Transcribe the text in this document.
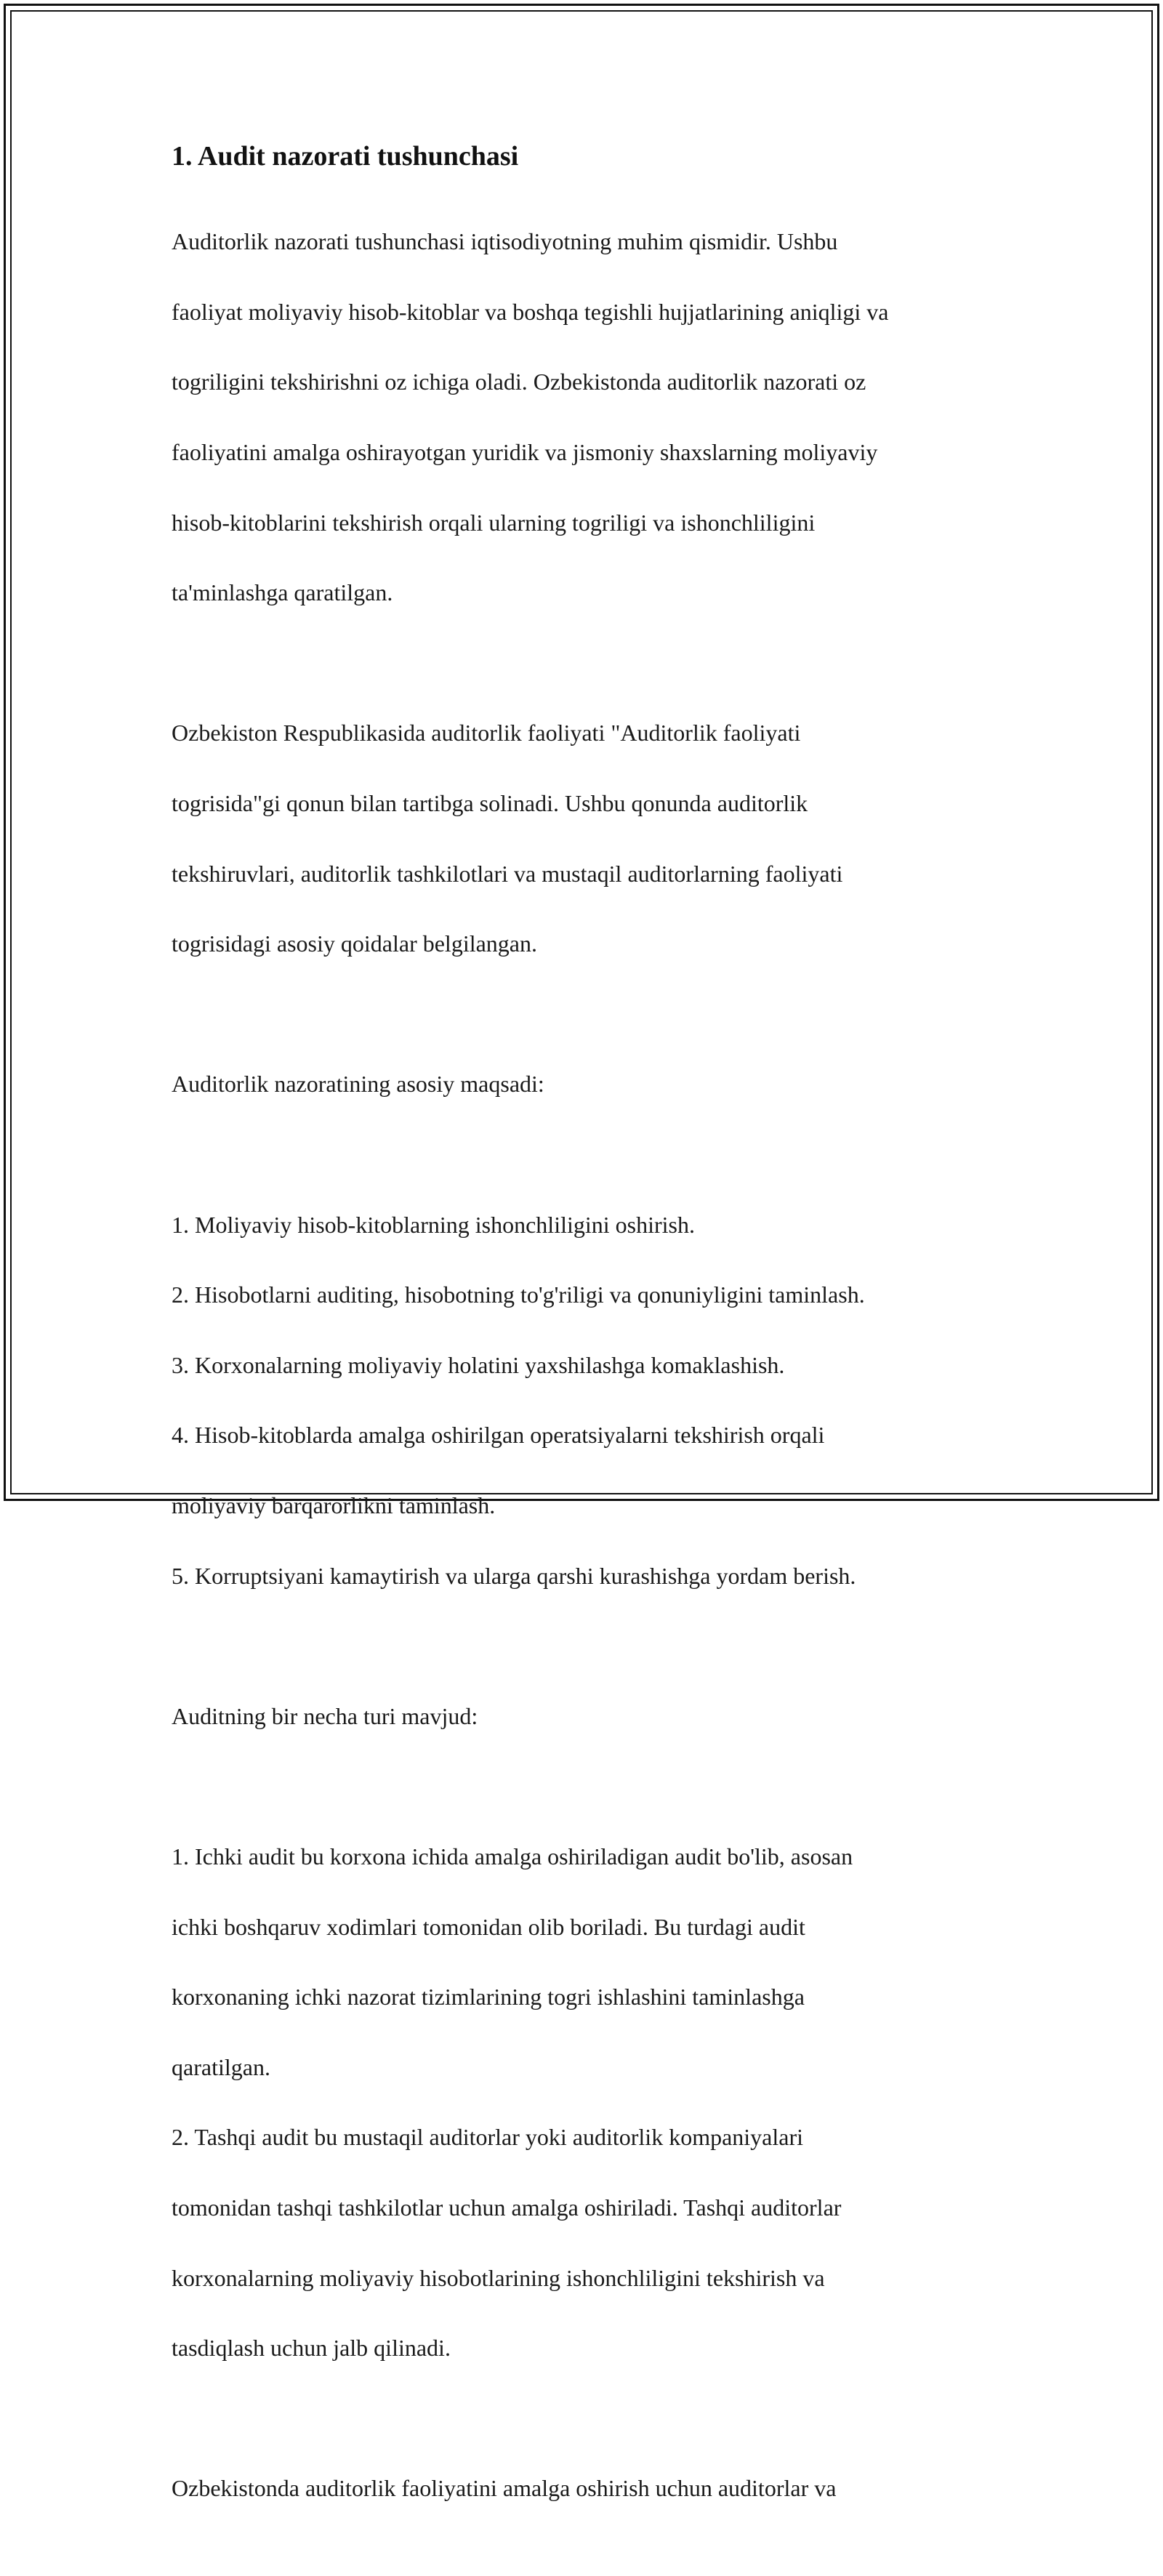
1. Audit nazorati tushunchasi

Auditorlik nazorati tushunchasi iqtisodiyotning muhim qismidir. Ushbu

faoliyat moliyaviy hisob-kitoblar va boshqa tegishli hujjatlarining aniqligi va

togriligini tekshirishni oz ichiga oladi. Ozbekistonda auditorlik nazorati oz

faoliyatini amalga oshirayotgan yuridik va jismoniy shaxslarning moliyaviy

hisob-kitoblarini tekshirish orqali ularning togriligi va ishonchliligini

ta'minlashga qaratilgan.

Ozbekiston Respublikasida auditorlik faoliyati "Auditorlik faoliyati

togrisida"gi qonun bilan tartibga solinadi. Ushbu qonunda auditorlik

tekshiruvlari, auditorlik tashkilotlari va mustaqil auditorlarning faoliyati

togrisidagi asosiy qoidalar belgilangan.

Auditorlik nazoratining asosiy maqsadi:

1. Moliyaviy hisob-kitoblarning ishonchliligini oshirish.

2. Hisobotlarni auditing, hisobotning to'g'riligi va qonuniyligini taminlash.

3. Korxonalarning moliyaviy holatini yaxshilashga komaklashish.

4. Hisob-kitoblarda amalga oshirilgan operatsiyalarni tekshirish orqali

moliyaviy barqarorlikni taminlash.

5. Korruptsiyani kamaytirish va ularga qarshi kurashishga yordam berish.

Auditning bir necha turi mavjud:

1. Ichki audit bu korxona ichida amalga oshiriladigan audit bo'lib, asosan

ichki boshqaruv xodimlari tomonidan olib boriladi. Bu turdagi audit

korxonaning ichki nazorat tizimlarining togri ishlashini taminlashga

qaratilgan.

2. Tashqi audit bu mustaqil auditorlar yoki auditorlik kompaniyalari

tomonidan tashqi tashkilotlar uchun amalga oshiriladi. Tashqi auditorlar

korxonalarning moliyaviy hisobotlarining ishonchliligini tekshirish va

tasdiqlash uchun jalb qilinadi.

Ozbekistonda auditorlik faoliyatini amalga oshirish uchun auditorlar va
